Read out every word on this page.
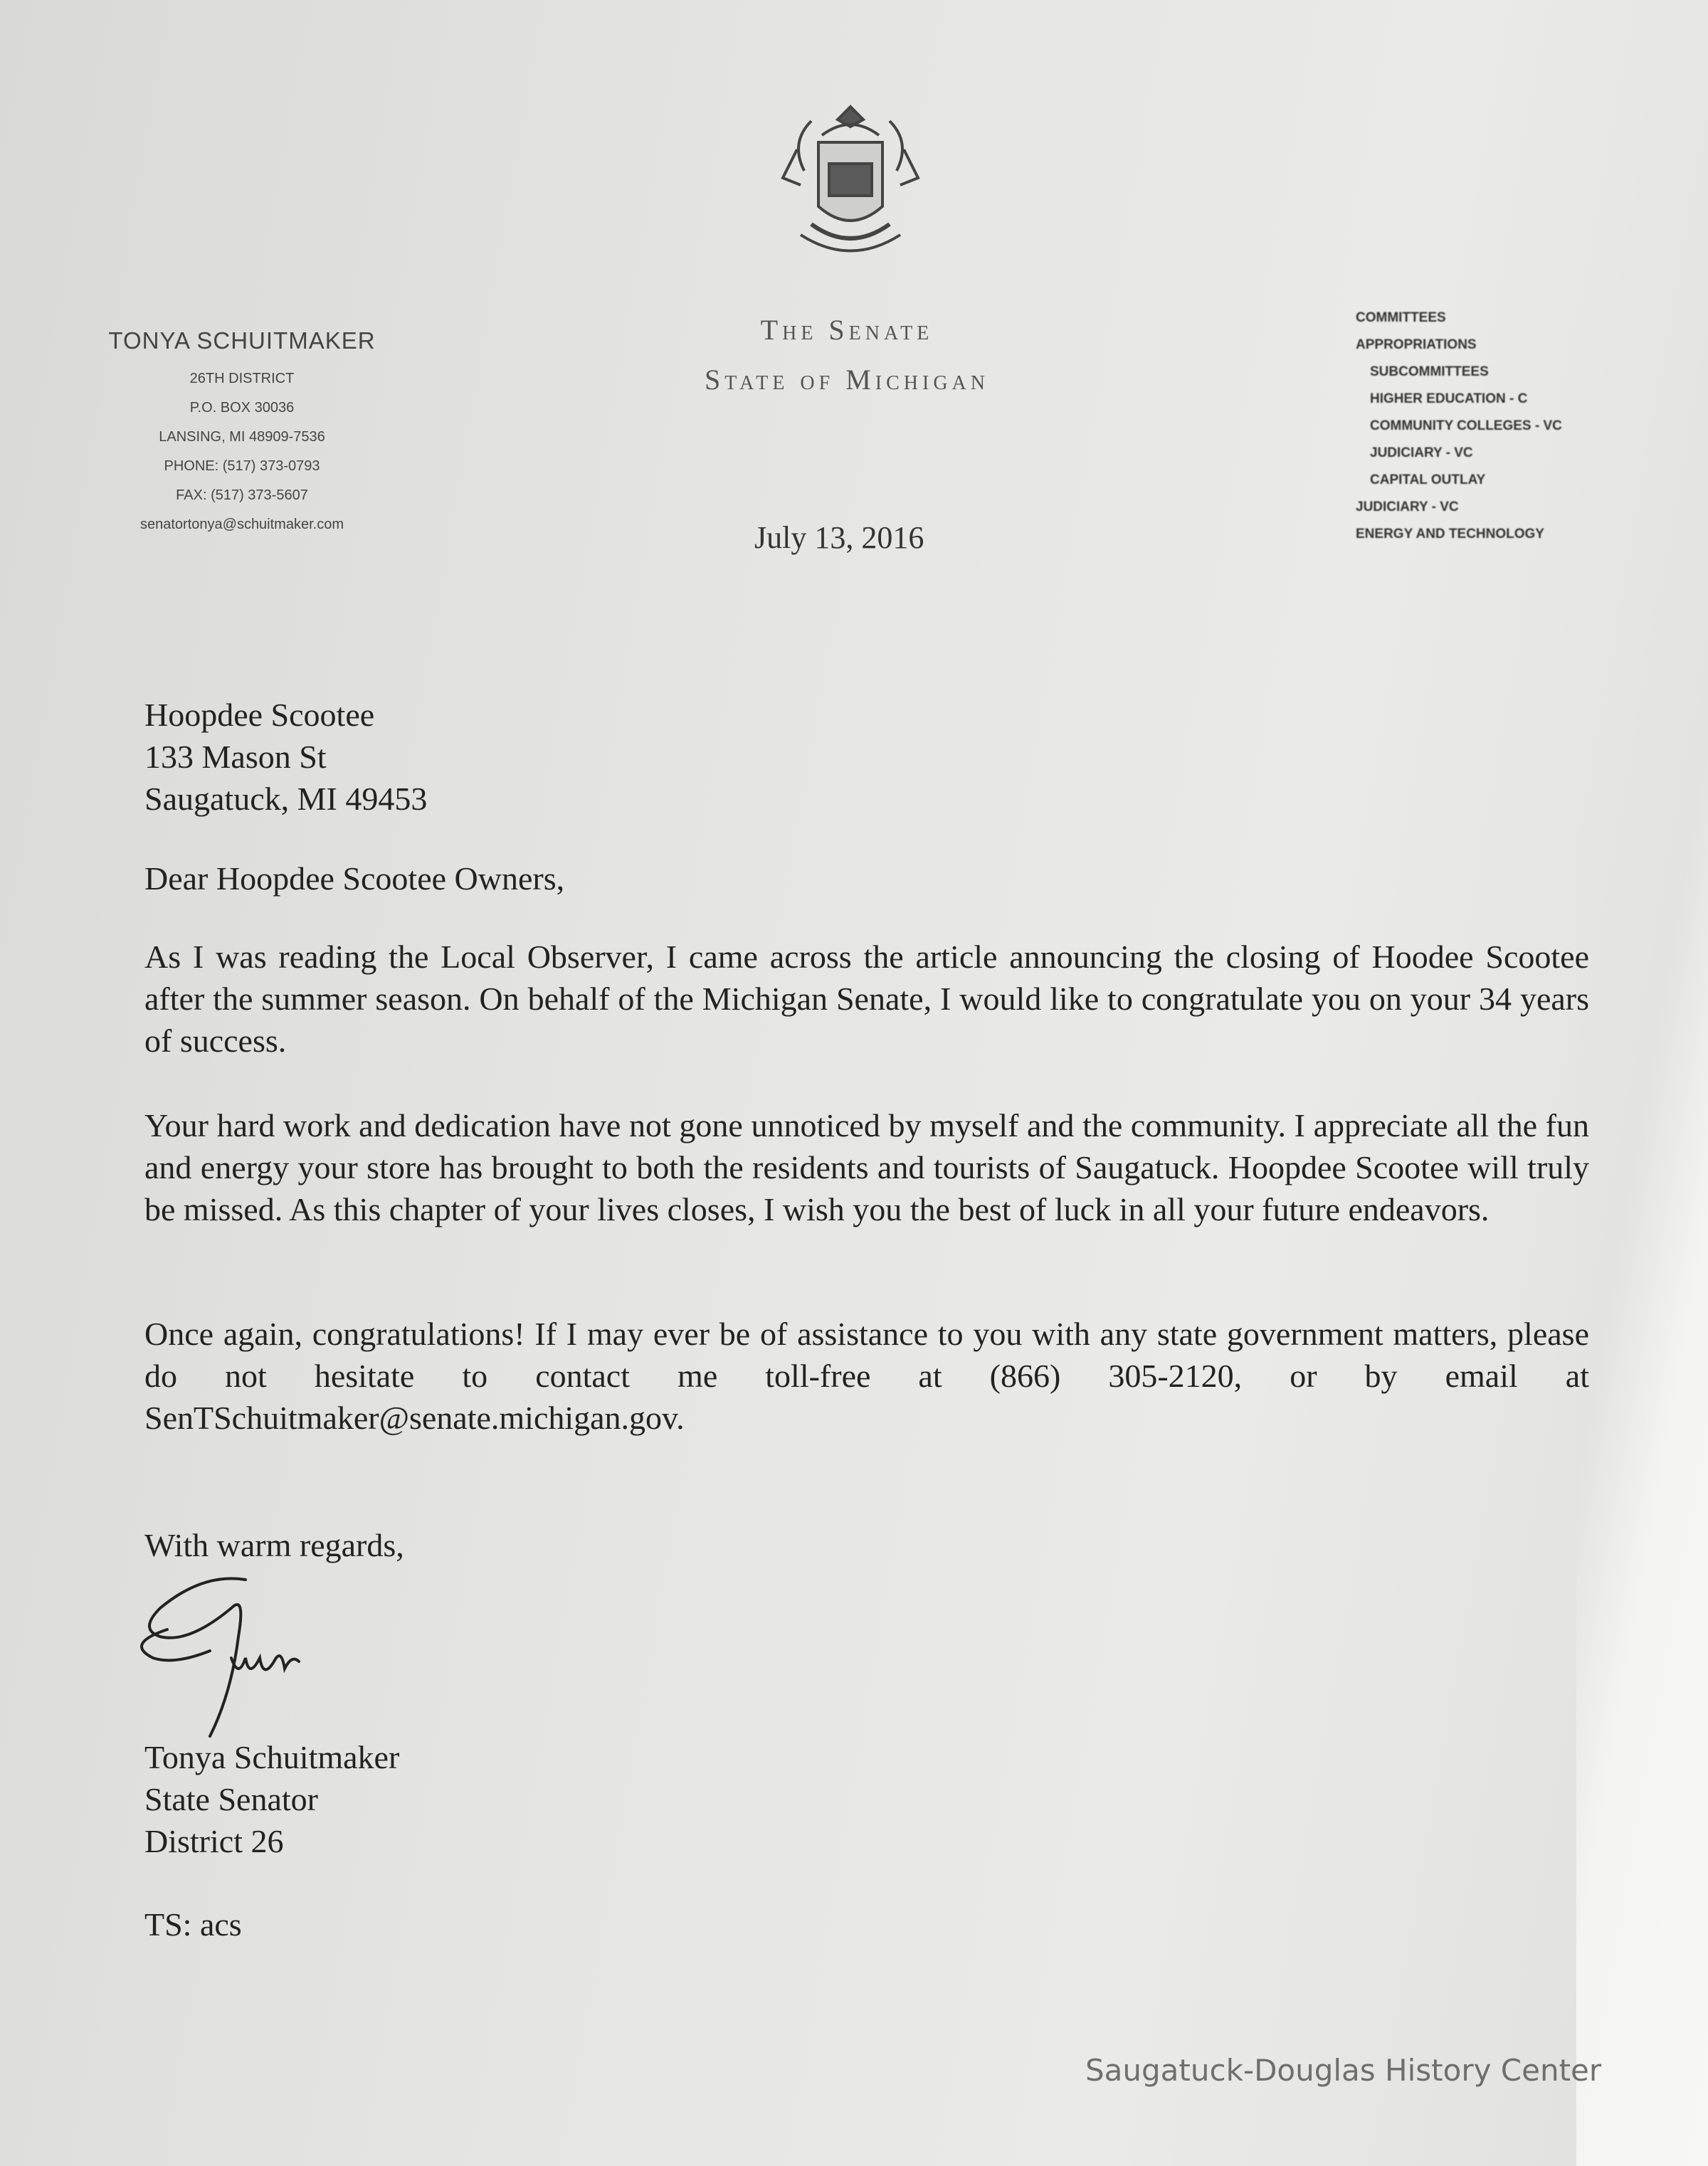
The Senate
State of Michigan
TONYA SCHUITMAKER
26TH DISTRICT
P.O. BOX 30036
LANSING, MI 48909-7536
PHONE: (517) 373-0793
FAX: (517) 373-5607
senatortonya@schuitmaker.com
COMMITTEES
APPROPRIATIONS
SUBCOMMITTEES
HIGHER EDUCATION - C
COMMUNITY COLLEGES - VC
JUDICIARY - VC
CAPITAL OUTLAY
JUDICIARY - VC
ENERGY AND TECHNOLOGY
July 13, 2016
Hoopdee Scootee
133 Mason St
Saugatuck, MI 49453
Dear Hoopdee Scootee Owners,
As I was reading the Local Observer, I came across the article announcing the closing of Hoodee Scootee after the summer season. On behalf of the Michigan Senate, I would like to congratulate you on your 34 years of success.
Your hard work and dedication have not gone unnoticed by myself and the community. I appreciate all the fun and energy your store has brought to both the residents and tourists of Saugatuck. Hoopdee Scootee will truly be missed. As this chapter of your lives closes, I wish you the best of luck in all your future endeavors.
Once again, congratulations! If I may ever be of assistance to you with any state government matters, please do not hesitate to contact me toll-free at (866) 305-2120, or by email at SenTSchuitmaker@senate.michigan.gov.
With warm regards,
Tonya Schuitmaker
State Senator
District 26
TS: acs
Saugatuck-Douglas History Center
